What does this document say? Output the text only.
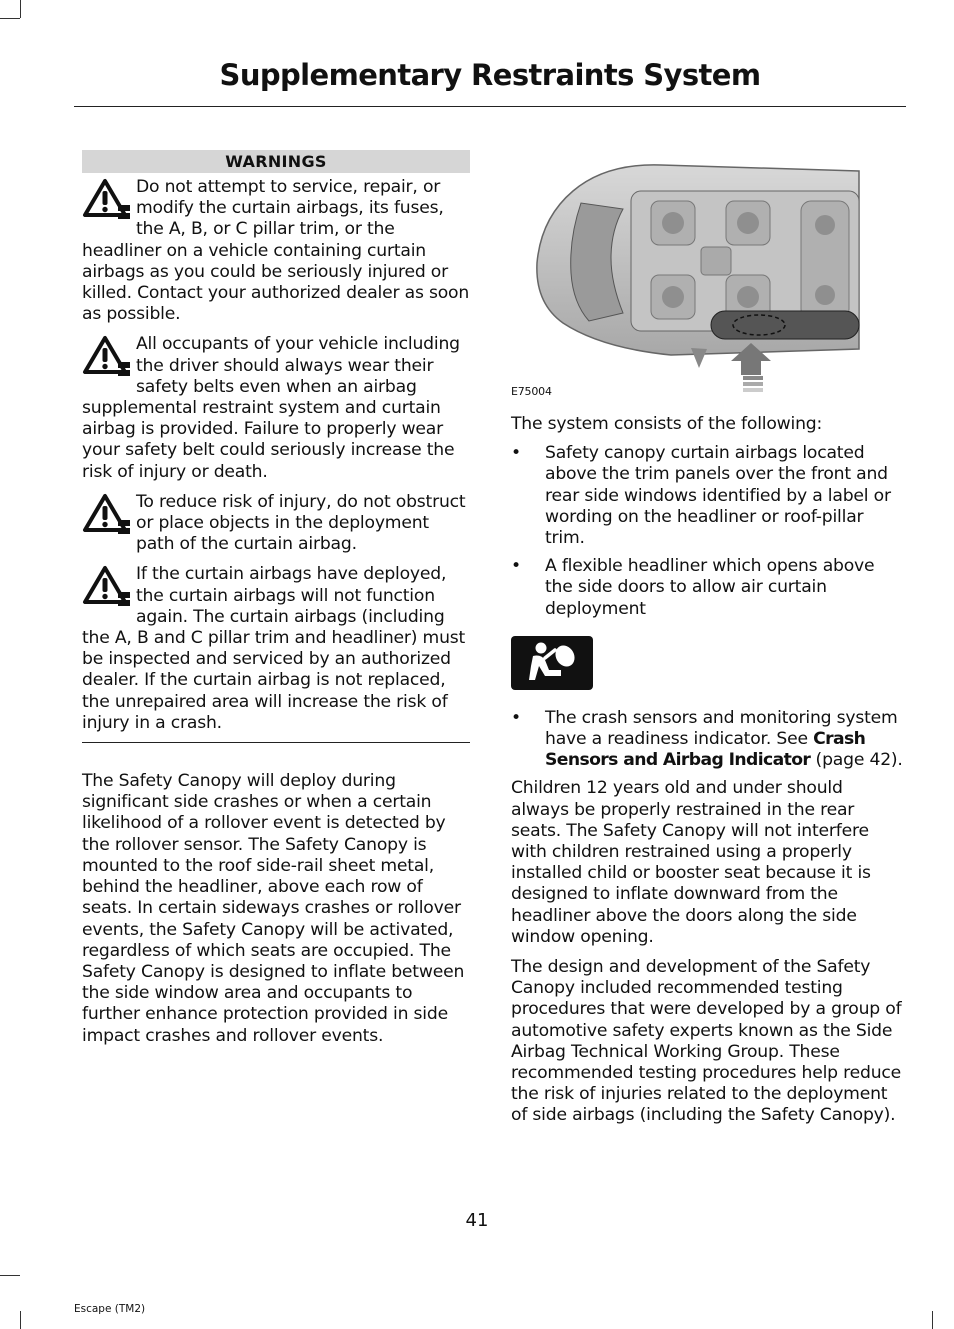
Supplementary Restraints System
WARNINGS
Do not attempt to service, repair, or modify the curtain airbags, its fuses, the A, B, or C pillar trim, or the headliner on a vehicle containing curtain airbags as you could be seriously injured or killed. Contact your authorized dealer as soon as possible.
All occupants of your vehicle including the driver should always wear their safety belts even when an airbag supplemental restraint system and curtain airbag is provided. Failure to properly wear your safety belt could seriously increase the risk of injury or death.
To reduce risk of injury, do not obstruct or place objects in the deployment path of the curtain airbag.
If the curtain airbags have deployed, the curtain airbags will not function again. The curtain airbags (including the A, B and C pillar trim and headliner) must be inspected and serviced by an authorized dealer. If the curtain airbag is not replaced, the unrepaired area will increase the risk of injury in a crash.

The Safety Canopy will deploy during significant side crashes or when a certain likelihood of a rollover event is detected by the rollover sensor. The Safety Canopy is mounted to the roof side-rail sheet metal, behind the headliner, above each row of seats. In certain sideways crashes or rollover events, the Safety Canopy will be activated, regardless of which seats are occupied. The Safety Canopy is designed to inflate between the side window area and occupants to further enhance protection provided in side impact crashes and rollover events.

E75004

The system consists of the following:

• Safety canopy curtain airbags located above the trim panels over the front and rear side windows identified by a label or wording on the headliner or roof-pillar trim.
• A flexible headliner which opens above the side doors to allow air curtain deployment
• The crash sensors and monitoring system have a readiness indicator. See Crash Sensors and Airbag Indicator (page 42).

Children 12 years old and under should always be properly restrained in the rear seats. The Safety Canopy will not interfere with children restrained using a properly installed child or booster seat because it is designed to inflate downward from the headliner above the doors along the side window opening.

The design and development of the Safety Canopy included recommended testing procedures that were developed by a group of automotive safety experts known as the Side Airbag Technical Working Group. These recommended testing procedures help reduce the risk of injuries related to the deployment of side airbags (including the Safety Canopy).

41
Escape (TM2)
